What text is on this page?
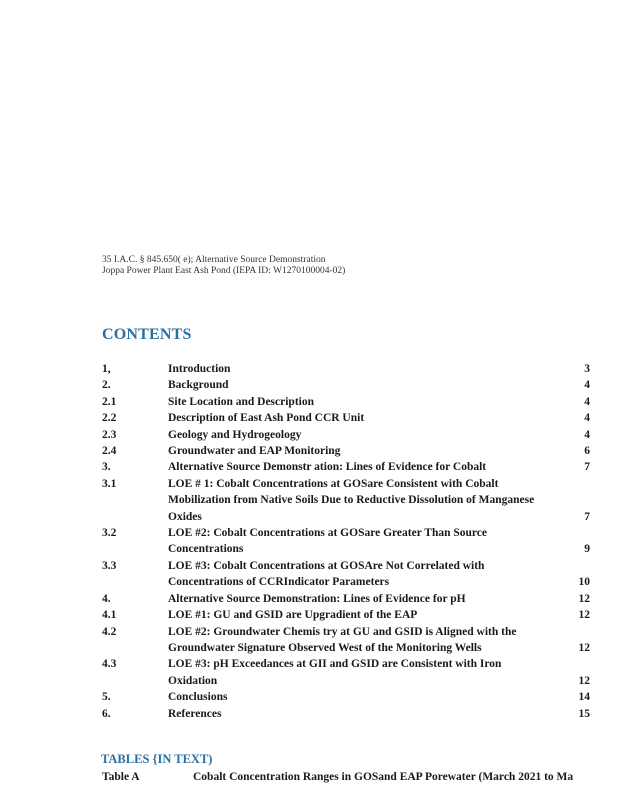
35 I.A.C. § 845.650( e); Alternative Source Demonstration
Joppa Power Plant East Ash Pond (IEPA ID: W1270100004-02)
CONTENTS
1,	Introduction	3
2.	Background	4
2.1	Site Location and Description	4
2.2	Description of East Ash Pond CCR Unit	4
2.3	Geology and Hydrogeology	4
2.4	Groundwater and EAP Monitoring	6
3.	Alternative Source Demonstr ation: Lines of Evidence for Cobalt	7
3.1	LOE # 1: Cobalt Concentrations at GOSare Consistent with Cobalt Mobilization from Native Soils Due to Reductive Dissolution of Manganese Oxides	7
3.2	LOE #2: Cobalt Concentrations at GOSare Greater Than Source Concentrations	9
3.3	LOE #3: Cobalt Concentrations at GOSAre Not Correlated with Concentrations of CCRIndicator Parameters	10
4.	Alternative Source Demonstration: Lines of Evidence for pH	12
4.1	LOE #1: GU and GSID are Upgradient of the EAP	12
4.2	LOE #2: Groundwater Chemis try at GU and GSID is Aligned with the Groundwater Signature Observed West of the Monitoring Wells	12
4.3	LOE #3: pH Exceedances at GII and GSID are Consistent with Iron Oxidation	12
5.	Conclusions	14
6.	References	15
TABLES {IN TEXT)
Table A	Cobalt Concentration Ranges in GOSand EAP Porewater (March 2021 to Ma
